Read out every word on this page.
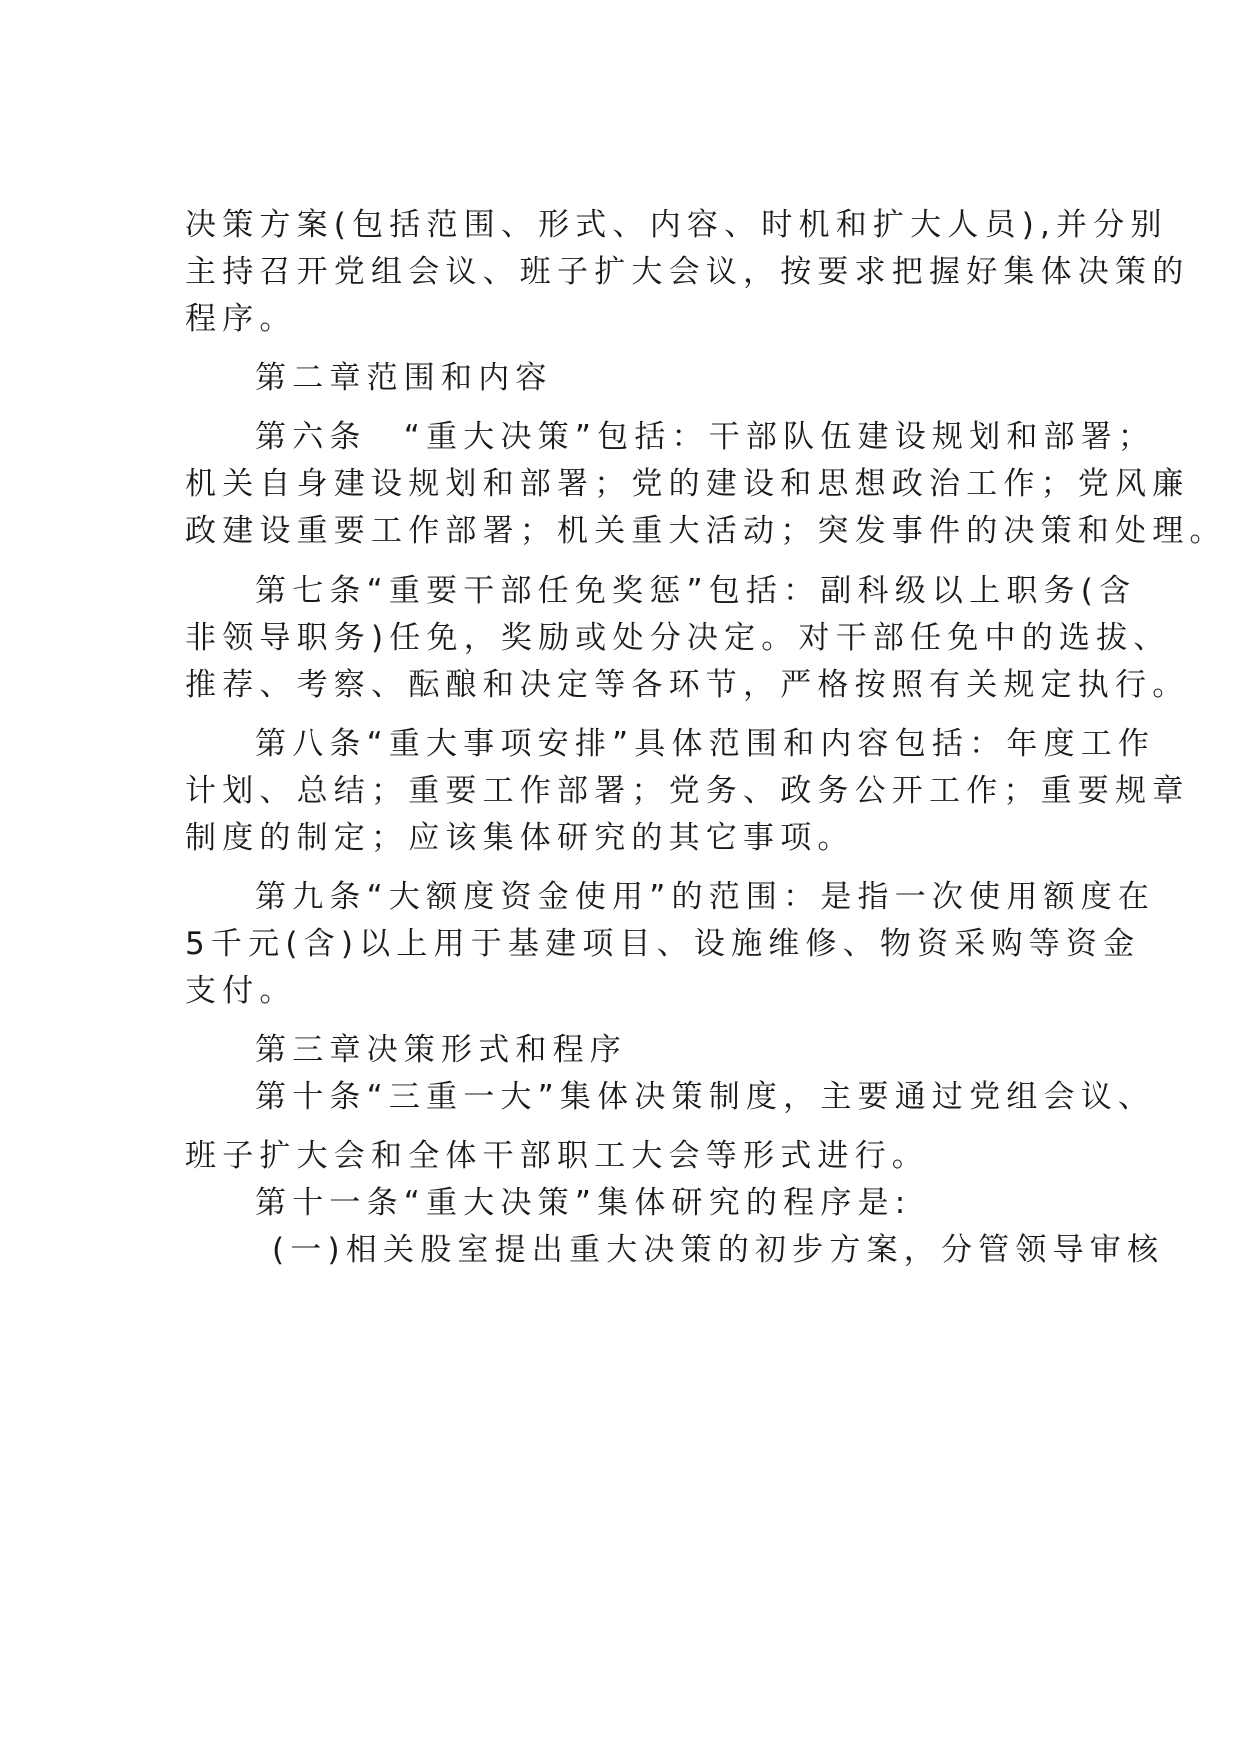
决策方案(包括范围、形式、内容、时机和扩大人员),并分别
主持召开党组会议、班子扩大会议，按要求把握好集体决策的
程序。
第二章范围和内容
第六条　“重大决策”包括：干部队伍建设规划和部署；
机关自身建设规划和部署；党的建设和思想政治工作；党风廉
政建设重要工作部署；机关重大活动；突发事件的决策和处理。
第七条“重要干部任免奖惩”包括：副科级以上职务(含
非领导职务)任免，奖励或处分决定。对干部任免中的选拔、
推荐、考察、酝酿和决定等各环节，严格按照有关规定执行。
第八条“重大事项安排”具体范围和内容包括：年度工作
计划、总结；重要工作部署；党务、政务公开工作；重要规章
制度的制定；应该集体研究的其它事项。
第九条“大额度资金使用”的范围：是指一次使用额度在
5千元(含)以上用于基建项目、设施维修、物资采购等资金
支付。
第三章决策形式和程序
第十条“三重一大”集体决策制度，主要通过党组会议、
班子扩大会和全体干部职工大会等形式进行。
第十一条“重大决策”集体研究的程序是:
(一)相关股室提出重大决策的初步方案，分管领导审核
